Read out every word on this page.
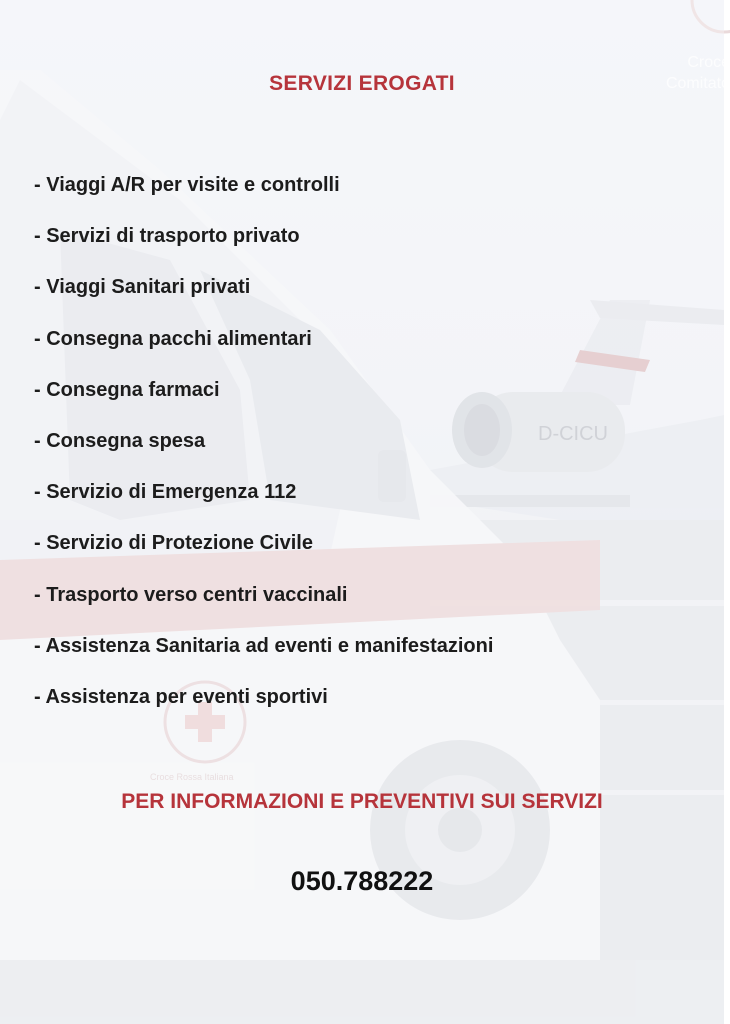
D-CICU
Croce Rossa Italiana
Croce
Comitato
SERVIZI EROGATI
- Viaggi A/R per visite e controlli
- Servizi di trasporto privato
- Viaggi Sanitari privati
- Consegna pacchi alimentari
- Consegna farmaci
- Consegna spesa
- Servizio di Emergenza 112
- Servizio di Protezione Civile
- Trasporto verso centri vaccinali
- Assistenza Sanitaria ad eventi e manifestazioni
- Assistenza per eventi sportivi
PER INFORMAZIONI E PREVENTIVI SUI SERVIZI
050.788222
